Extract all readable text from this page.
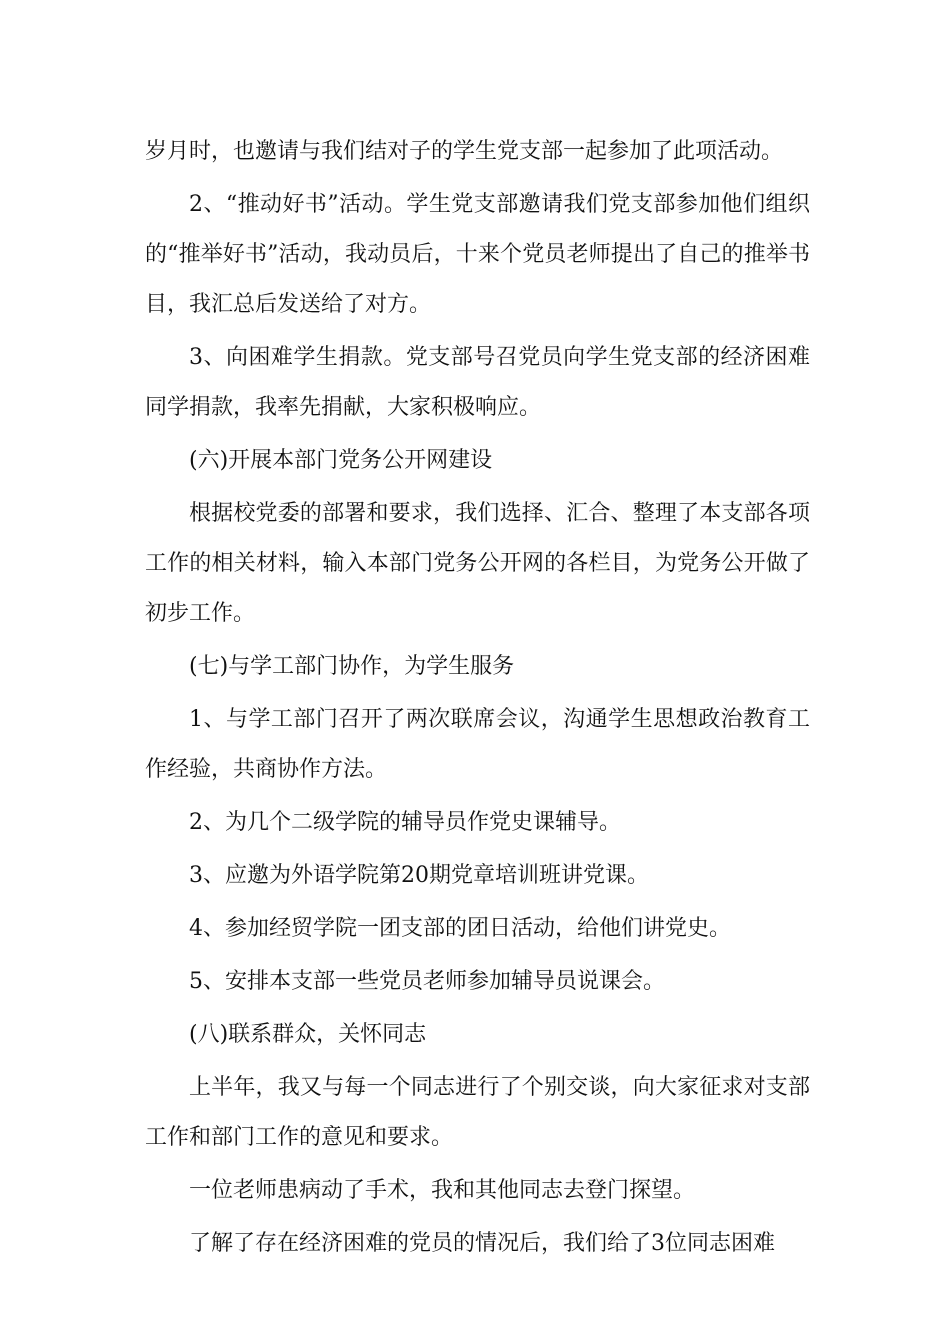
岁月时，也邀请与我们结对子的学生党支部一起参加了此项活动。

2、“推动好书”活动。学生党支部邀请我们党支部参加他们组织的“推举好书”活动，我动员后，十来个党员老师提出了自己的推举书目，我汇总后发送给了对方。

3、向困难学生捐款。党支部号召党员向学生党支部的经济困难同学捐款，我率先捐献，大家积极响应。

(六)开展本部门党务公开网建设

根据校党委的部署和要求，我们选择、汇合、整理了本支部各项工作的相关材料，输入本部门党务公开网的各栏目，为党务公开做了初步工作。

(七)与学工部门协作，为学生服务

1、与学工部门召开了两次联席会议，沟通学生思想政治教育工作经验，共商协作方法。

2、为几个二级学院的辅导员作党史课辅导。

3、应邀为外语学院第20期党章培训班讲党课。

4、参加经贸学院一团支部的团日活动，给他们讲党史。

5、安排本支部一些党员老师参加辅导员说课会。

(八)联系群众，关怀同志

上半年，我又与每一个同志进行了个别交谈，向大家征求对支部工作和部门工作的意见和要求。

一位老师患病动了手术，我和其他同志去登门探望。

了解了存在经济困难的党员的情况后，我们给了3位同志困难
